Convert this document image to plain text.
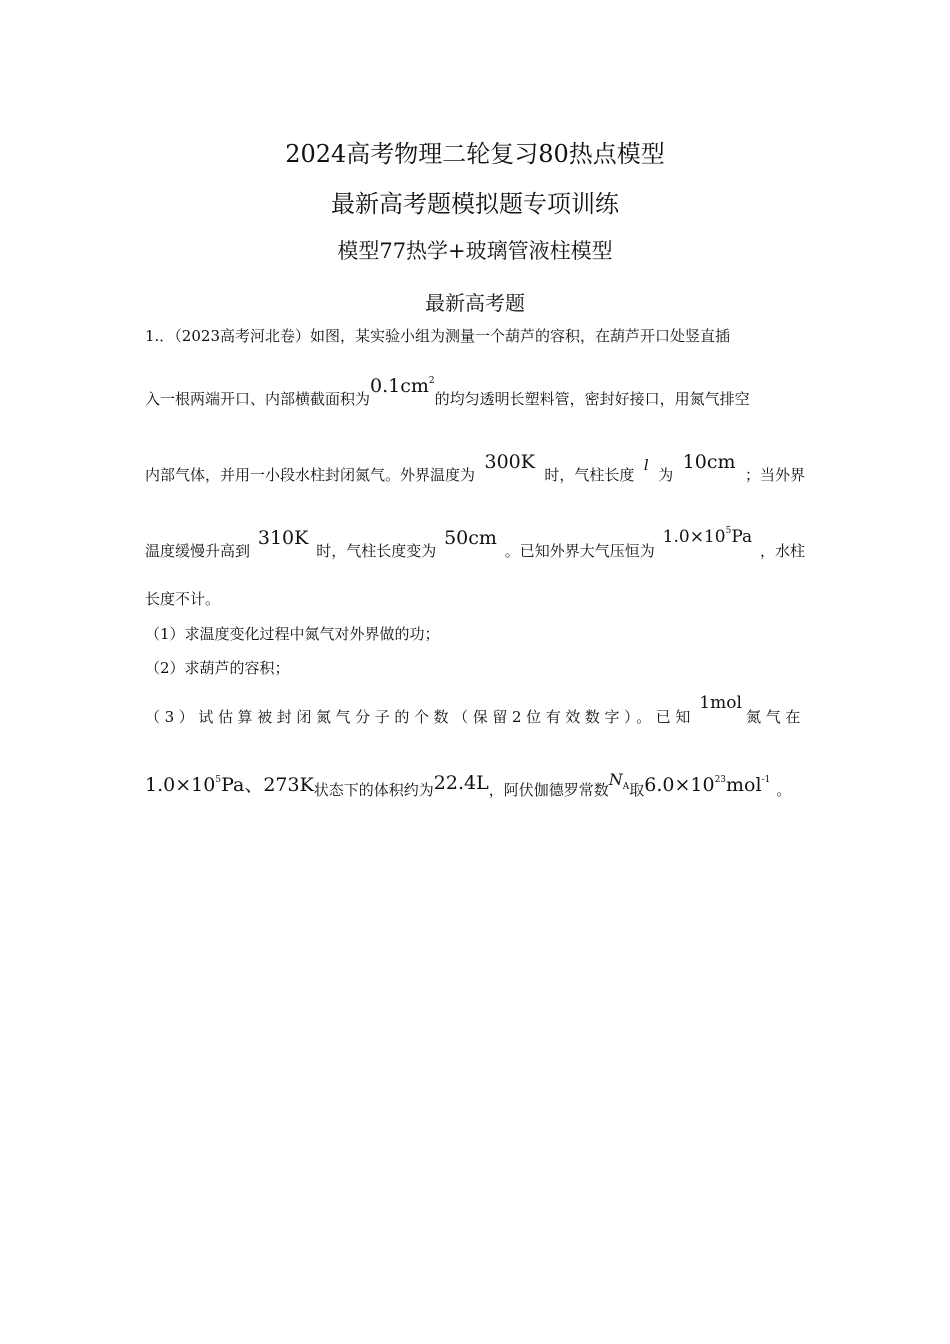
2024高考物理二轮复习80热点模型
最新高考题模拟题专项训练
模型77热学+玻璃管液柱模型
最新高考题
1.．（2023高考河北卷）如图，某实验小组为测量一个葫芦的容积，在葫芦开口处竖直插
入一根两端开口、内部横截面积为$0.1cm^2$的均匀透明长塑料管，密封好接口，用氮气排空
内部气体，并用一小段水柱封闭氮气。外界温度为
300K
时，气柱长度
l
为
10cm
；当外界
温度缓慢升高到
310K
时，气柱长度变为
50cm
。已知外界大气压恒为
$1.0\times 10^5Pa$
，水柱
长度不计。
（1）求温度变化过程中氮气对外界做的功；
（2）求葫芦的容积；
（3）试估算被封闭氮气分子的个数（保留2位有效数字）。已知
1mol
氮气在
$1.0\times 10^5Pa$、273K状态下的体积约为22.4L，阿伏伽德罗常数$N_A$取$6.0\times 10^{23}mol^{-1}$。
